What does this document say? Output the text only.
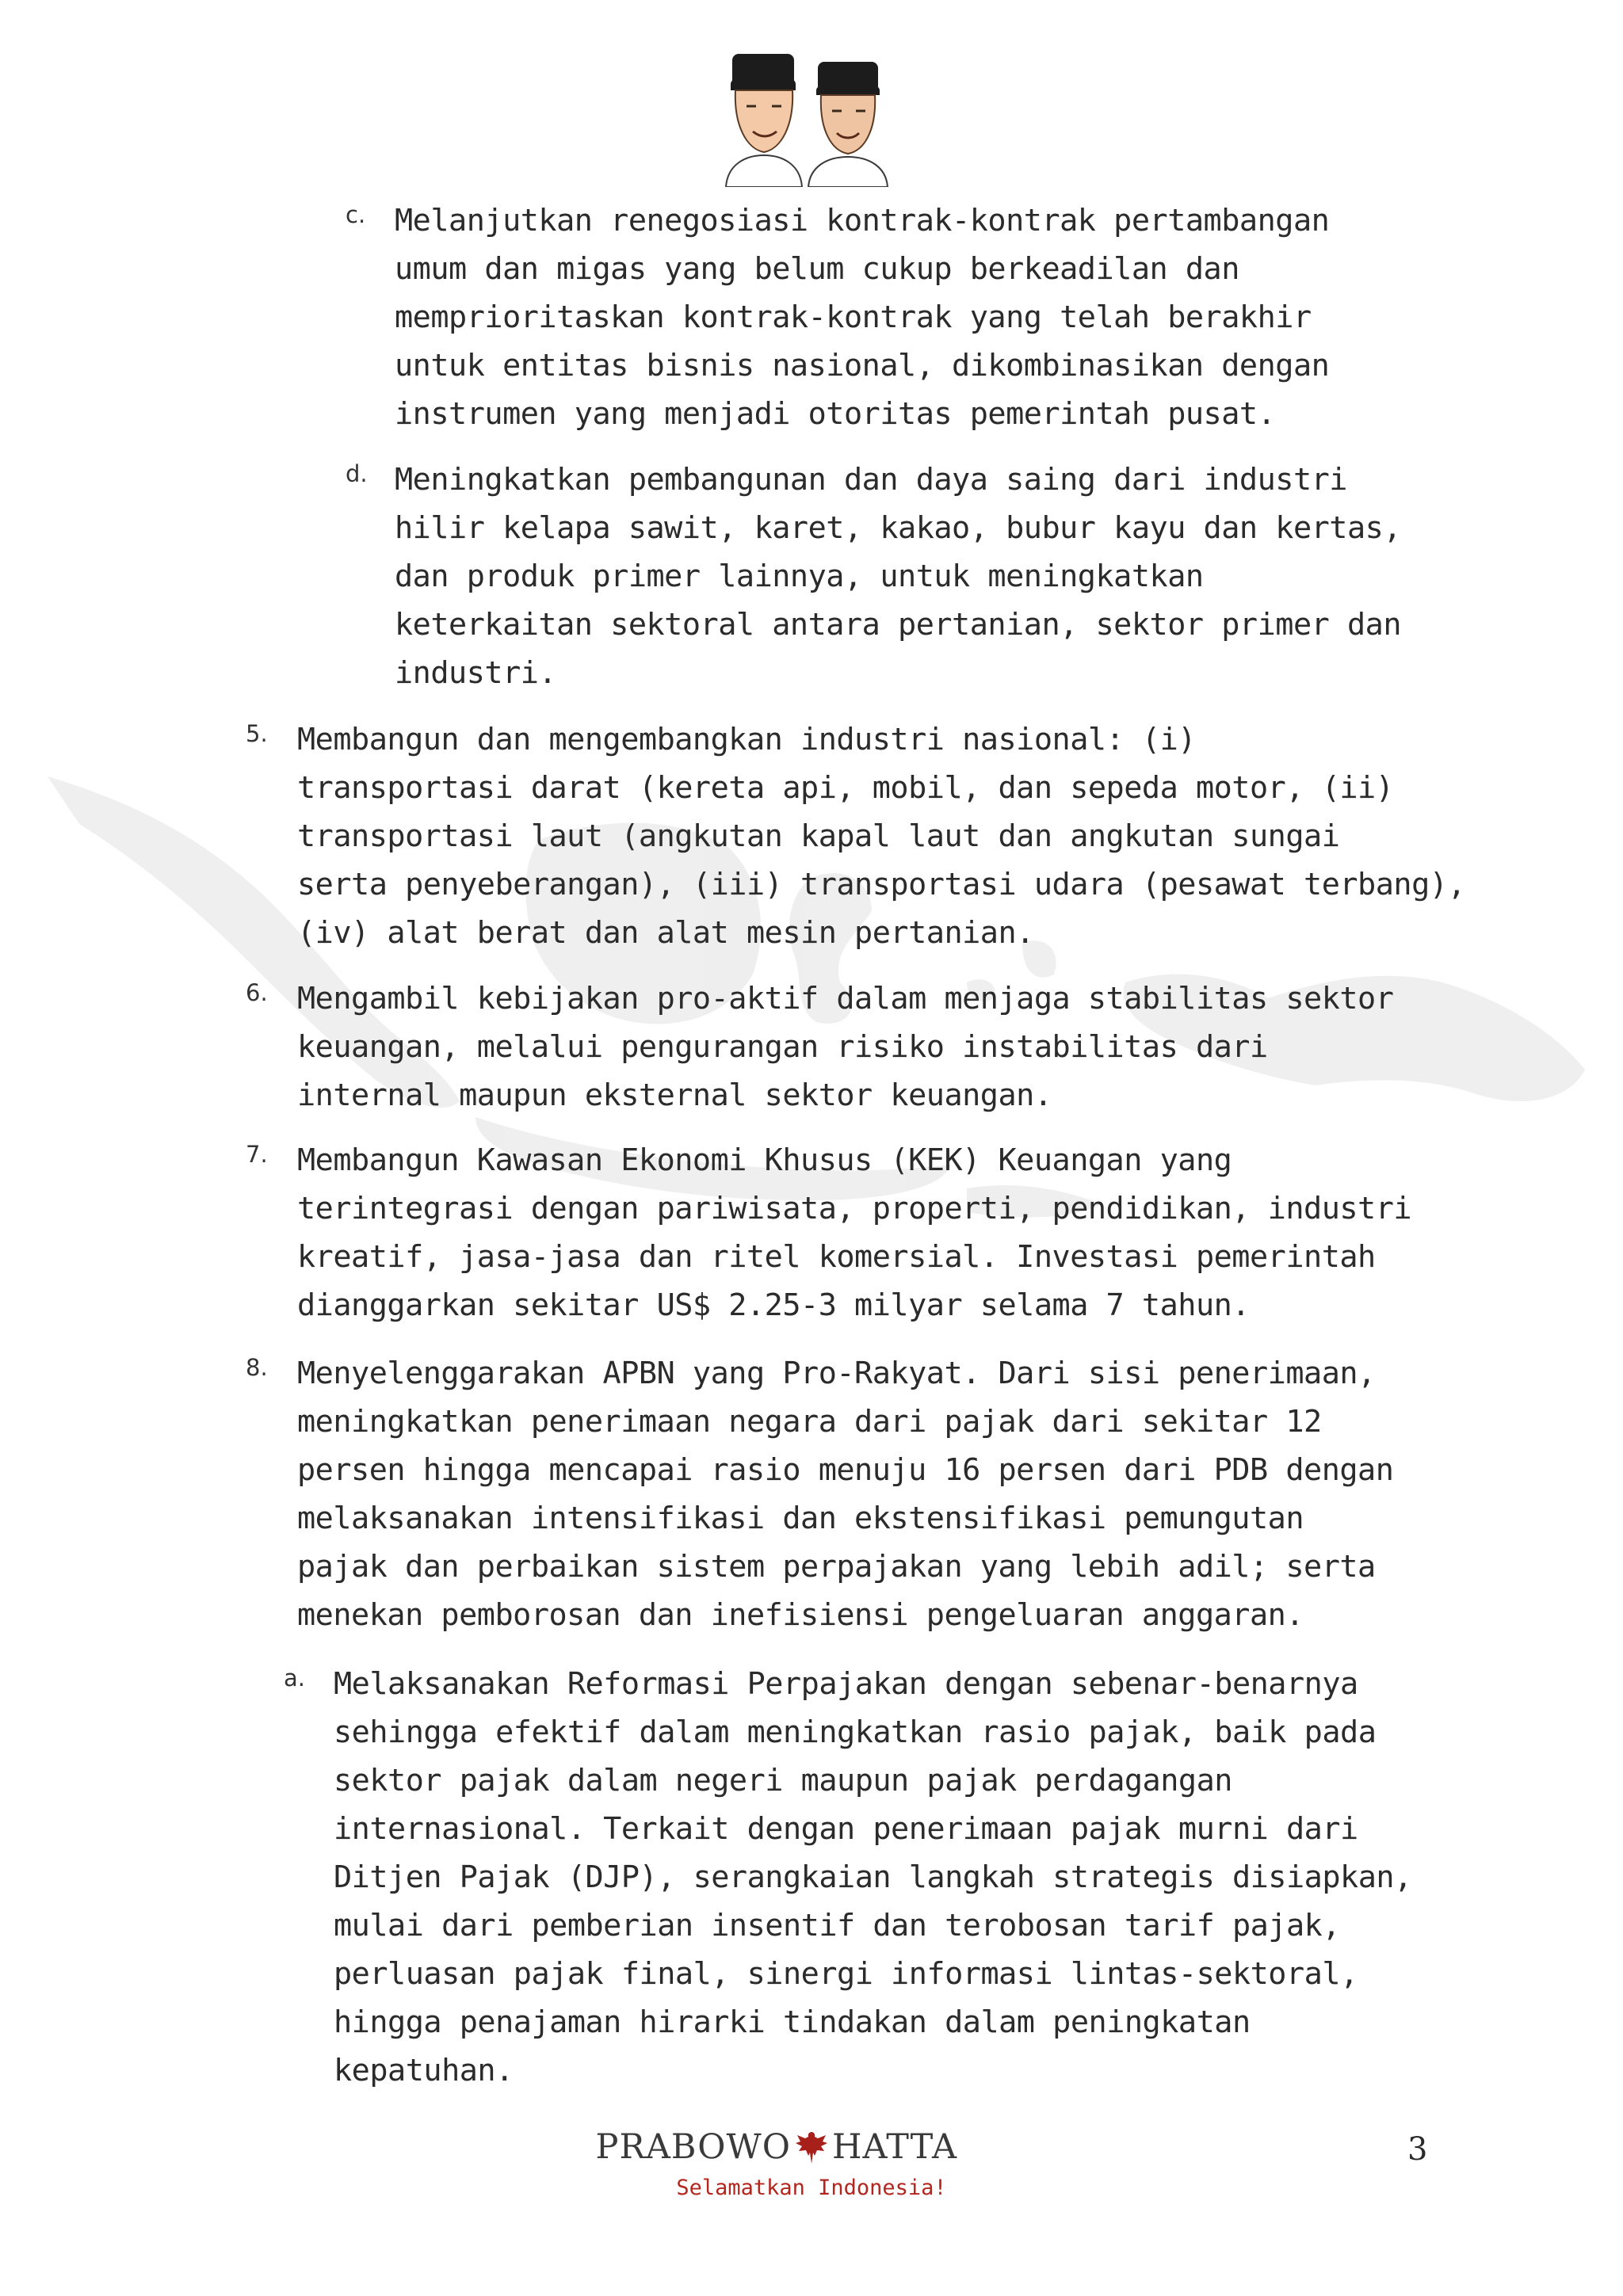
c. Melanjutkan renegosiasi kontrak-kontrak pertambangan
umum dan migas yang belum cukup berkeadilan dan
memprioritaskan kontrak-kontrak yang telah berakhir
untuk entitas bisnis nasional, dikombinasikan dengan
instrumen yang menjadi otoritas pemerintah pusat.
d. Meningkatkan pembangunan dan daya saing dari industri
hilir kelapa sawit, karet, kakao, bubur kayu dan kertas,
dan produk primer lainnya, untuk meningkatkan
keterkaitan sektoral antara pertanian, sektor primer dan
industri.
5. Membangun dan mengembangkan industri nasional: (i)
transportasi darat (kereta api, mobil, dan sepeda motor, (ii)
transportasi laut (angkutan kapal laut dan angkutan sungai
serta penyeberangan), (iii) transportasi udara (pesawat terbang),
(iv) alat berat dan alat mesin pertanian.
6. Mengambil kebijakan pro-aktif dalam menjaga stabilitas sektor
keuangan, melalui pengurangan risiko instabilitas dari
internal maupun eksternal sektor keuangan.
7. Membangun Kawasan Ekonomi Khusus (KEK) Keuangan yang
terintegrasi dengan pariwisata, properti, pendidikan, industri
kreatif, jasa-jasa dan ritel komersial. Investasi pemerintah
dianggarkan sekitar US$ 2.25-3 milyar selama 7 tahun.
8. Menyelenggarakan APBN yang Pro-Rakyat. Dari sisi penerimaan,
meningkatkan penerimaan negara dari pajak dari sekitar 12
persen hingga mencapai rasio menuju 16 persen dari PDB dengan
melaksanakan intensifikasi dan ekstensifikasi pemungutan
pajak dan perbaikan sistem perpajakan yang lebih adil; serta
menekan pemborosan dan inefisiensi pengeluaran anggaran.
a. Melaksanakan Reformasi Perpajakan dengan sebenar-benarnya
sehingga efektif dalam meningkatkan rasio pajak, baik pada
sektor pajak dalam negeri maupun pajak perdagangan
internasional. Terkait dengan penerimaan pajak murni dari
Ditjen Pajak (DJP), serangkaian langkah strategis disiapkan,
mulai dari pemberian insentif dan terobosan tarif pajak,
perluasan pajak final, sinergi informasi lintas-sektoral,
hingga penajaman hirarki tindakan dalam peningkatan
kepatuhan.
PRABOWO HATTA
Selamatkan Indonesia!
3
